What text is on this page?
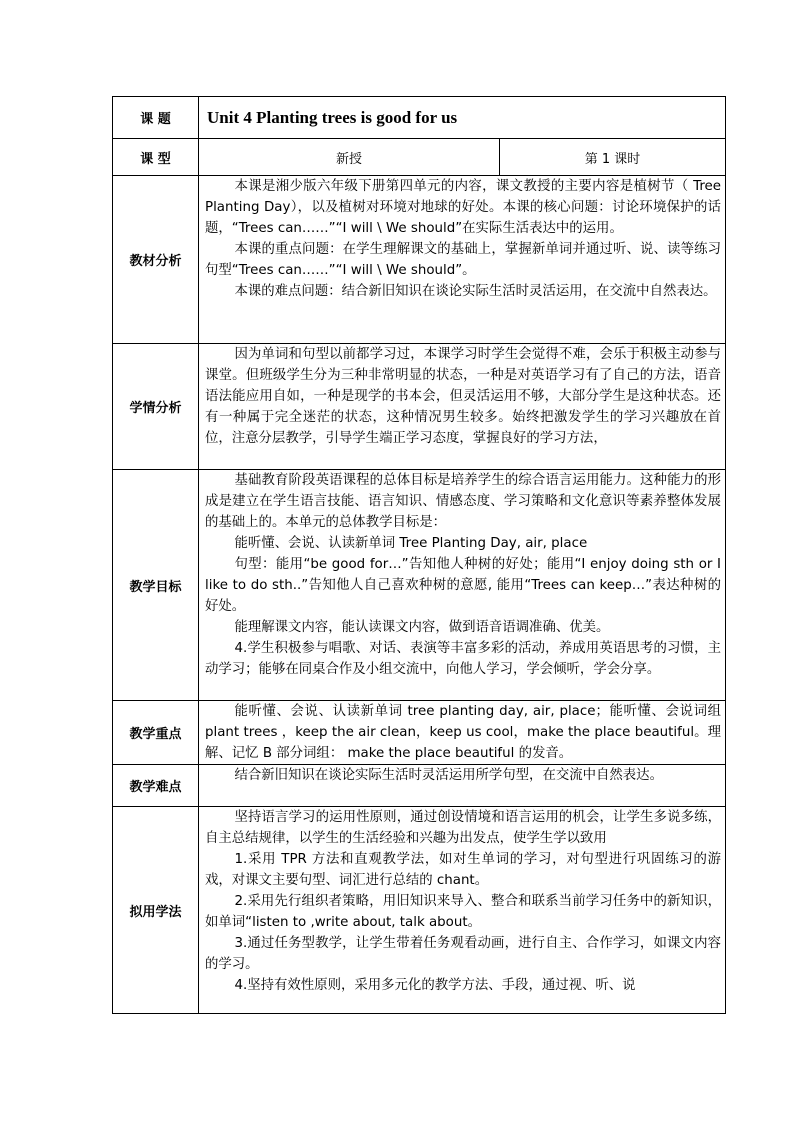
课 题	Unit 4 Planting trees is good for us	
课 型	新授	第 1 课时
教材分析	本课是湘少版六年级下册第四单元的内容，课文教授的主要内容是植树节（ Tree Planting Day），以及植树对环境对地球的好处。本课的核心问题：讨论环境保护的话题，“Trees can……”“I will \ We should”在实际生活表达中的运用。

本课的重点问题：在学生理解课文的基础上，掌握新单词并通过听、说、读等练习句型“Trees can……”“I will \ We should”。

本课的难点问题：结合新旧知识在谈论实际生活时灵活运用，在交流中自然表达。	

学情分析	因为单词和句型以前都学习过，本课学习时学生会觉得不难，会乐于积极主动参与课堂。但班级学生分为三种非常明显的状态，一种是对英语学习有了自己的方法，语音语法能应用自如，一种是现学的书本会，但灵活运用不够，大部分学生是这种状态。还有一种属于完全迷茫的状态，这种情况男生较多。始终把激发学生的学习兴趣放在首位，注意分层教学，引导学生端正学习态度，掌握良好的学习方法，	

教学目标	基础教育阶段英语课程的总体目标是培养学生的综合语言运用能力。这种能力的形成是建立在学生语言技能、语言知识、情感态度、学习策略和文化意识等素养整体发展的基础上的。本单元的总体教学目标是：

能听懂、会说、认读新单词 Tree Planting Day, air, place

句型：能用“be good for…”告知他人种树的好处；能用“I enjoy doing sth or I like to do sth..”告知他人自己喜欢种树的意愿, 能用“Trees can keep…”表达种树的好处。

能理解课文内容，能认读课文内容，做到语音语调准确、优美。

4.学生积极参与唱歌、对话、表演等丰富多彩的活动，养成用英语思考的习惯，主动学习；能够在同桌合作及小组交流中，向他人学习，学会倾听，学会分享。	

教学重点	能听懂、会说、认读新单词 tree planting day, air, place；能听懂、会说词组 plant trees ，keep the air clean，keep us cool，make the place beautiful。理解、记忆 B 部分词组： make the place beautiful 的发音。	

教学难点	结合新旧知识在谈论实际生活时灵活运用所学句型，在交流中自然表达。	

拟用学法	坚持语言学习的运用性原则，通过创设情境和语言运用的机会，让学生多说多练，自主总结规律，以学生的生活经验和兴趣为出发点，使学生学以致用

1.采用 TPR 方法和直观教学法，如对生单词的学习，对句型进行巩固练习的游戏，对课文主要句型、词汇进行总结的 chant。

2.采用先行组织者策略，用旧知识来导入、整合和联系当前学习任务中的新知识，如单词“listen to ,write about, talk about。

3.通过任务型教学，让学生带着任务观看动画，进行自主、合作学习，如课文内容的学习。

4.坚持有效性原则，采用多元化的教学方法、手段，通过视、听、说	
